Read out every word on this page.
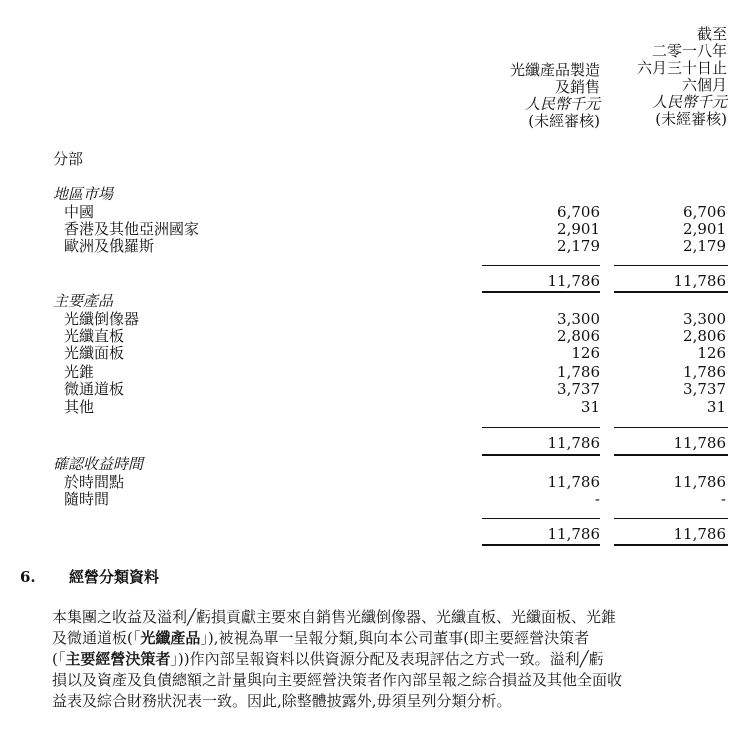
光纖產品製造
及銷售
人民幣千元
(未經審核)
截至
二零一八年
六月三十日止
六個月
人民幣千元
(未經審核)
分部
地區市場
中國	6,706	6,706
香港及其他亞洲國家	2,901	2,901
歐洲及俄羅斯	2,179	2,179
11,786	11,786
主要產品
光纖倒像器	3,300	3,300
光纖直板	2,806	2,806
光纖面板	126	126
光錐	1,786	1,786
微通道板	3,737	3,737
其他	31	31
11,786	11,786
確認收益時間
於時間點	11,786	11,786
隨時間	-	-
11,786	11,786
6. 經營分類資料
本集團之收益及溢利╱虧損貢獻主要來自銷售光纖倒像器、光纖直板、光纖面板、光錐
及微通道板(「光纖產品」),被視為單一呈報分類,與向本公司董事(即主要經營決策者
(「主要經營決策者」))作內部呈報資料以供資源分配及表現評估之方式一致。溢利╱虧
損以及資產及負債總額之計量與向主要經營決策者作內部呈報之綜合損益及其他全面收
益表及綜合財務狀況表一致。因此,除整體披露外,毋須呈列分類分析。
